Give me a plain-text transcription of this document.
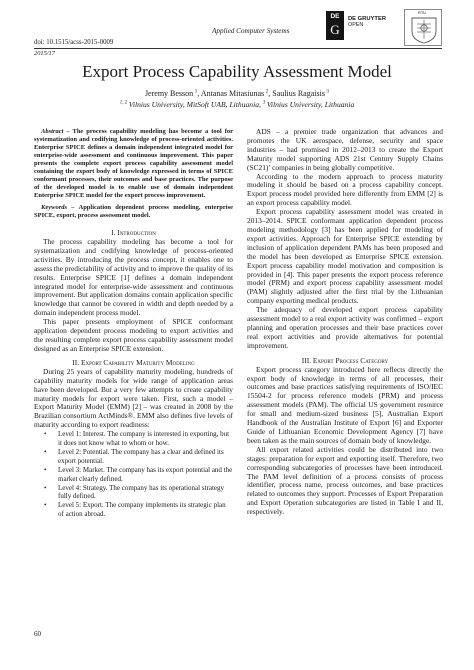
Applied Computer Systems
doi: 10.1515/acss-2015-0009
2015/17
DE
G
DE GRUYTER
OPEN
RTU
Export Process Capability Assessment Model
Jeremy Besson  $^1$, Antanas Mitasiunas  $^2$, Saulius Ragaisis  $^3$
$^{1, 2}$  Vilnius University, MitSoft UAB, Lithuania, $^3$  Vilnius University, Lithuania

Abstract – The process capability modeling has become a tool for systematization and codifying knowledge of process-oriented activities. Enterprise SPICE defines a domain independent integrated model for enterprise-wide assessment and continuous improvement. This paper presents the complete export process capability assessment model containing the export body of knowledge expressed in terms of SPICE conformant processes, their outcomes and base practices. The purpose of the developed model is to enable use of domain independent Enterprise SPICE model for the export process improvement.

Keywords – Application dependent process modeling, enterprise SPICE, export, process assessment model.

I. Introduction

The process capability modeling has become a tool for systematization and codifying knowledge of process-oriented activities. By introducing the process concept, it enables one to assess the predictability of activity and to improve the quality of its results. Enterprise SPICE [1] defines a domain independent integrated model for enterprise-wide assessment and continuous improvement. But application domains contain application specific knowledge that cannot be covered in width and depth needed by a domain independent process model.

This paper presents employment of SPICE conformant application dependent process modeling to export activities and the resulting complete export process capability assessment model designed as an Enterprise SPICE extension.

II. Export Capability Maturity Modeling

During 25 years of capability maturity modeling, hundreds of capability maturity models for wide range of application areas have been developed. But a very few attempts to create capability maturity models for export were taken. First, such a model – Export Maturity Model (EMM) [2] – was created in 2008 by the Brazilian consortium ActMinds®. EMM also defines five levels of maturity according to export readiness:

• Level 1: Interest. The company is interested in exporting, but it does not know what to whom or how.
• Level 2: Potential. The company has a clear and defined its export potential.
• Level 3: Market. The company has its export potential and the market clearly defined.
• Level 4: Strategy. The company has its operational strategy fully defined.
• Level 5: Export. The company implements its strategic plan of action abroad.

ADS – a premier trade organization that advances and promotes the UK aerospace, defense, security and space industries – had promised in 2012–2013 to create the Export Maturity model supporting ADS 21st Century Supply Chains (SC21)’ companies in being globally competitive.

According to the modern approach to process maturity modeling it should be based on a process capability concept. Export process model provided here differently from EMM [2] is an export process capability model.

Export process capability assessment model was created in 2013–2014. SPICE conformant application dependent process modeling methodology [3] has been applied for modeling of export activities. Approach for Enterprise SPICE extending by inclusion of application dependent PAMs has been proposed and the model has been developed as Enterprise SPICE extension. Export process capability model motivation and composition is provided in [4]. This paper presents the export process reference model (PRM) and export process capability assessment model (PAM) slightly adjusted after the first trial by the Lithuanian company exporting medical products.

The adequacy of developed export process capability assessment model to a real export activity was confirmed – export planning and operation processes and their base practices cover real export activities and provide alternatives for potential improvement.

III. Export Process Category

Export process category introduced here reflects directly the export body of knowledge in terms of all processes, their outcomes and base practices satisfying requirements of ISO/IEC 15504-2 for process reference models (PRM) and process assessment models (PAM). The official US government resource for small and medium-sized business [5], Australian Export Handbook of the Australian Institute of Export [6] and Exporter Guide of Lithuanian Economic Development Agency [7] have been taken as the main sources of domain body of knowledge.

All export related activities could be distributed into two stages: preparation for export and exporting itself. Therefore, two corresponding subcategories of processes have been introduced. The PAM level definition of a process consists of process identifier, process name, process outcomes, and base practices related to outcomes they support. Processes of Export Preparation and Export Operation subcategories are listed in Table I and II, respectively.

60
